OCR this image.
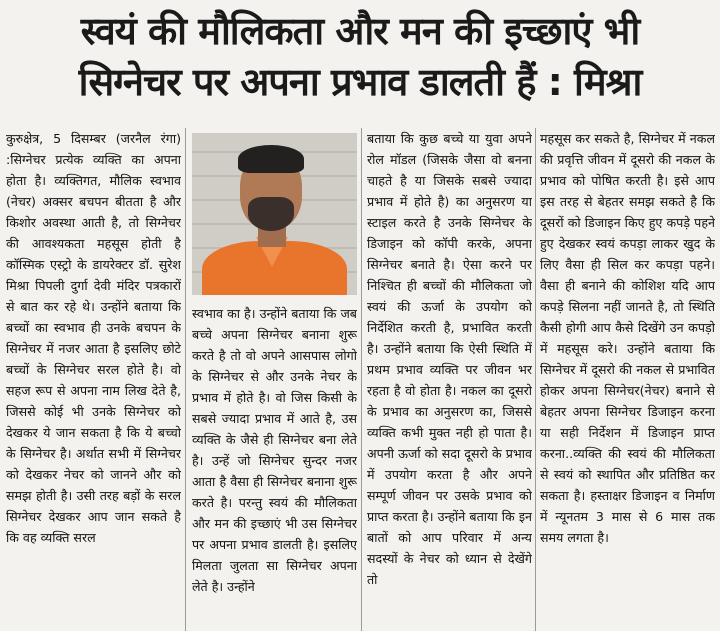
स्वयं की मौलिकता और मन की इच्छाएं भी
सिग्नेचर पर अपना प्रभाव डालती हैं : मिश्रा

कुरुक्षेत्र, 5 दिसम्बर (जरनैल रंगा) :सिग्नेचर प्रत्येक व्यक्ति का अपना होता है। व्यक्तिगत, मौलिक स्वभाव (नेचर) अक्सर बचपन बीतता है और किशोर अवस्था आती है, तो सिग्नेचर की आवश्यकता महसूस होती है कॉस्मिक एस्ट्रो के डायरेक्टर डॉ. सुरेश मिश्रा पिपली दुर्गा देवी मंदिर पत्रकारों से बात कर रहे थे। उन्होंने बताया कि बच्चों का स्वभाव ही उनके बचपन के सिग्नेचर में नजर आता है इसलिए छोटे बच्चों के सिग्नेचर सरल होते है। वो सहज रूप से अपना नाम लिख देते है, जिससे कोई भी उनके सिग्नेचर को देखकर ये जान सकता है कि ये बच्चो के सिग्नेचर है। अर्थात सभी में सिग्नेचर को देखकर नेचर को जानने और को समझ होती है। उसी तरह बड़ों के सरल सिग्नेचर देखकर आप जान सकते है कि वह व्यक्ति सरल

स्वभाव का है। उन्होंने बताया कि जब बच्चे अपना सिग्नेचर बनाना शुरू करते है तो वो अपने आसपास लोगो के सिग्नेचर से और उनके नेचर के प्रभाव में होते है। वो जिस किसी के सबसे ज्यादा प्रभाव में आते है, उस व्यक्ति के जैसे ही सिग्नेचर बना लेते है। उन्हें जो सिग्नेचर सुन्दर नजर आता है वैसा ही सिग्नेचर बनाना शुरू करते है। परन्तु स्वयं की मौलिकता और मन की इच्छाएं भी उस सिग्नेचर पर अपना प्रभाव डालती है। इसलिए मिलता जुलता सा सिग्नेचर अपना लेते है। उन्होंने

बताया कि कुछ बच्चे या युवा अपने रोल मॉडल (जिसके जैसा वो बनना चाहते है या जिसके सबसे ज्यादा प्रभाव में होते है) का अनुसरण या स्टाइल करते है उनके सिग्नेचर के डिजाइन को कॉपी करके, अपना सिग्नेचर बनाते है। ऐसा करने पर निश्चित ही बच्चों की मौलिकता जो स्वयं की ऊर्जा के उपयोग को निर्देशित करती है, प्रभावित करती है। उन्होंने बताया कि ऐसी स्थिति में प्रथम प्रभाव व्यक्ति पर जीवन भर रहता है वो होता है। नकल का दूसरो के प्रभाव का अनुसरण का, जिससे व्यक्ति कभी मुक्त नही हो पाता है। अपनी ऊर्जा को सदा दूसरो के प्रभाव में उपयोग करता है और अपने सम्पूर्ण जीवन पर उसके प्रभाव को प्राप्त करता है। उन्होंने बताया कि इन बातों को आप परिवार में अन्य सदस्यों के नेचर को ध्यान से देखेंगे तो

महसूस कर सकते है, सिग्नेचर में नकल की प्रवृत्ति जीवन में दूसरो की नकल के प्रभाव को पोषित करती है। इसे आप इस तरह से बेहतर समझ सकते है कि दूसरों को डिजाइन किए हुए कपड़े पहने हुए देखकर स्वयं कपड़ा लाकर खुद के लिए वैसा ही सिल कर कपड़ा पहने। वैसा ही बनाने की कोशिश यदि आप कपड़े सिलना नहीं जानते है, तो स्थिति कैसी होगी आप कैसे दिखेंगे उन कपड़ो में महसूस करे। उन्होंने बताया कि सिग्नेचर में दूसरो की नकल से प्रभावित होकर अपना सिग्नेचर(नेचर) बनाने से बेहतर अपना सिग्नेचर डिजाइन करना या सही निर्देशन में डिजाइन प्राप्त करना..व्यक्ति की स्वयं की मौलिकता से स्वयं को स्थापित और प्रतिष्ठित कर सकता है। हस्ताक्षर डिजाइन व निर्माण में न्यूनतम 3 मास से 6 मास तक समय लगता है।
